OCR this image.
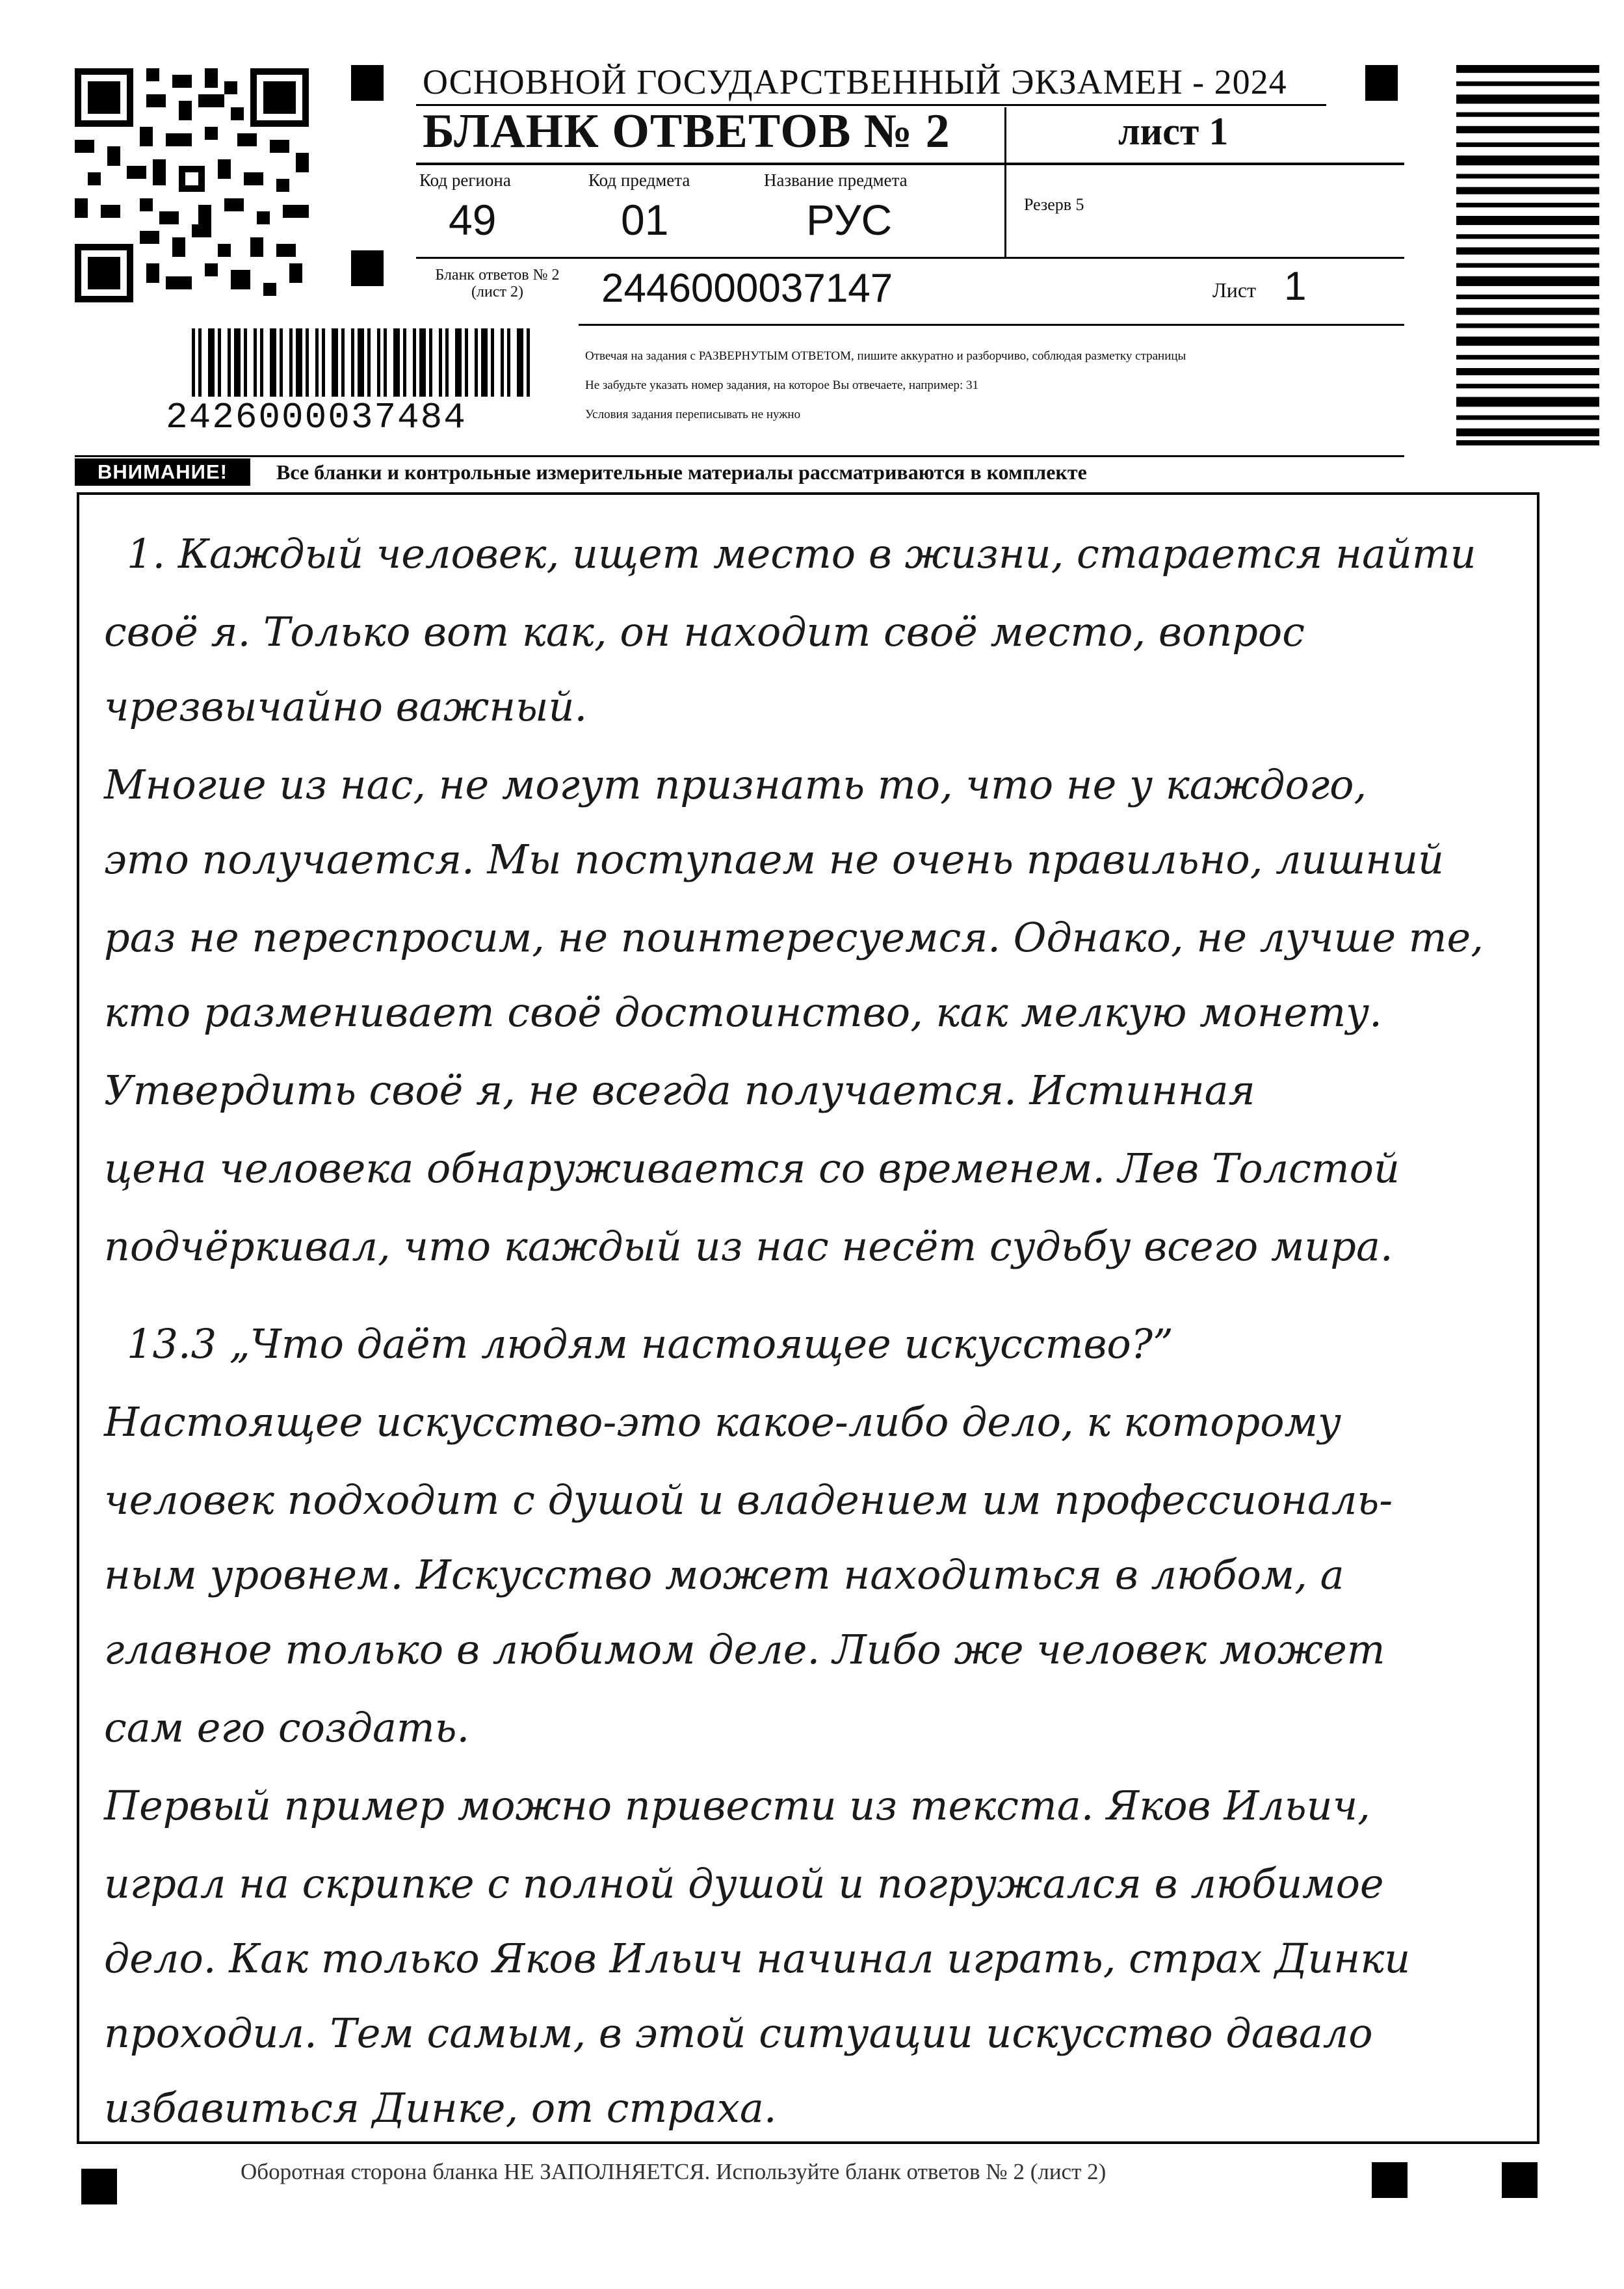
ОСНОВНОЙ ГОСУДАРСТВЕННЫЙ ЭКЗАМЕН - 2024
БЛАНК ОТВЕТОВ № 2	лист 1
Код региона	Код предмета	Название предмета
49	01	РУС	Резерв 5
Бланк ответов № 2
(лист 2)	2446000037147	Лист 1
2426000037484
Отвечая на задания с РАЗВЕРНУТЫМ ОТВЕТОМ, пишите аккуратно и разборчиво, соблюдая разметку страницы
Не забудьте указать номер задания, на которое Вы отвечаете, например: 31
Условия задания переписывать не нужно
ВНИМАНИЕ!	Все бланки и контрольные измерительные материалы рассматриваются в комплекте
1. Каждый человек, ищет место в жизни, старается найти
своё я. Только вот как, он находит своё место, вопрос
чрезвычайно важный.
Многие из нас, не могут признать то, что не у каждого,
это получается. Мы поступаем не очень правильно, лишний
раз не переспросим, не поинтересуемся. Однако, не лучше те,
кто разменивает своё достоинство, как мелкую монету.
Утвердить своё я, не всегда получается. Истинная
цена человека обнаруживается со временем. Лев Толстой
подчёркивал, что каждый из нас несёт судьбу всего мира.
13.3 „Что даёт людям настоящее искусство?”
Настоящее искусство-это какое-либо дело, к которому
человек подходит с душой и владением им профессиональ-
ным уровнем. Искусство может находиться в любом, а
главное только в любимом деле. Либо же человек может
сам его создать.
Первый пример можно привести из текста. Яков Ильич,
играл на скрипке с полной душой и погружался в любимое
дело. Как только Яков Ильич начинал играть, страх Динки
проходил. Тем самым, в этой ситуации искусство давало
избавиться Динке, от страха.
Оборотная сторона бланка НЕ ЗАПОЛНЯЕТСЯ. Используйте бланк ответов № 2 (лист 2)
